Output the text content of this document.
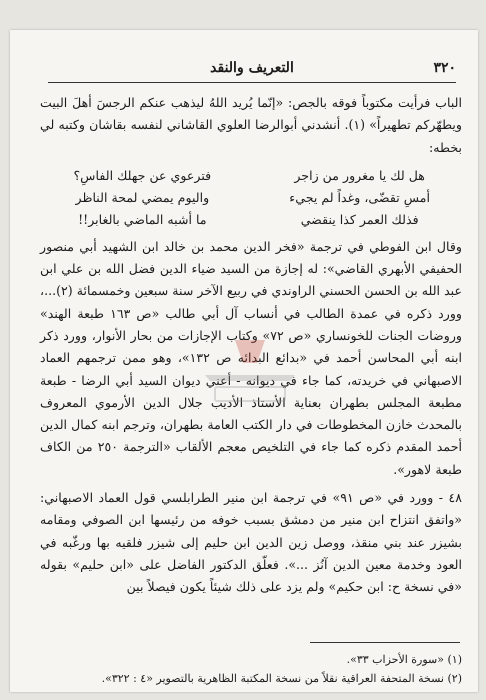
٣٢٠
التعريف والنقد

الباب فرأيت مكتوباً فوقه بالجص: «إنّما يُريد اللهُ ليذهب عنكم الرجسَ أهلَ البيت ويطهّركم تطهيراً» (١). أنشدني أبوالرضا العلوي القاشاني لنفسه بقاشان وكتبه لي بخطه:

هل لك يا مغرور من زاجر
فترعوي عن جهلك الفاسِ؟
أمسِ تقضّى، وغداً لم يجيء
واليوم يمضي لمحة الناظر
فذلك العمر كذا ينقضي
ما أشبه الماضي بالغابر!!

وقال ابن الفوطي في ترجمة «فخر الدين محمد بن خالد ابن الشهيد أبي منصور الحفيفي الأبهري القاضي»: له إجازة من السيد ضياء الدين فضل الله بن علي ابن عبد الله بن الحسن الحسني الراوندي في ربيع الآخر سنة سبعين وخمسمائة (٢)...، وورد ذكره في عمدة الطالب في أنساب آل أبي طالب «ص ١٦٣ طبعة الهند» وروضات الجنات للخونساري «ص ٧٢» وكتاب الإجازات من بحار الأنوار، وورد ذكر ابنه أبي المحاسن أحمد في «بدائع البدائه ص ١٣٢»، وهو ممن ترجمهم العماد الاصبهاني في خريدته، كما جاء في ديوانه - أعني ديوان السيد أبي الرضا - طبعة مطبعة المجلس بطهران بعناية الأستاذ الأديب جلال الدين الأرموي المعروف بالمحدث خازن المخطوطات في دار الكتب العامة بطهران، وترجم ابنه كمال الدين أحمد المقدم ذكره كما جاء في التلخيص معجم الألقاب «الترجمة ٢٥٠ من الكاف طبعة لاهور».

٤٨ - وورد في «ص ٩١» في ترجمة ابن منير الطرابلسي قول العماد الاصبهاني: «واتفق انتزاح ابن منير من دمشق بسبب خوفه من رئيسها ابن الصوفي ومقامه بشيزر عند بني منقذ، ووصل زين الدين ابن حليم إلى شيزر فلقيه بها ورغّبه في العود وخدمة معين الدين آنُز ...». فعلّق الدكتور الفاضل على «ابن حليم» بقوله «في نسخة ح: ابن حكيم» ولم يزد على ذلك شيئاً يكون فيصلاً بين

(١) «سورة الأحزاب ٣٣».

(٢) نسخة المتحفة العراقية نقلاً من نسخة المكتبة الظاهرية بالتصوير «٤ : ٣٢٢».
